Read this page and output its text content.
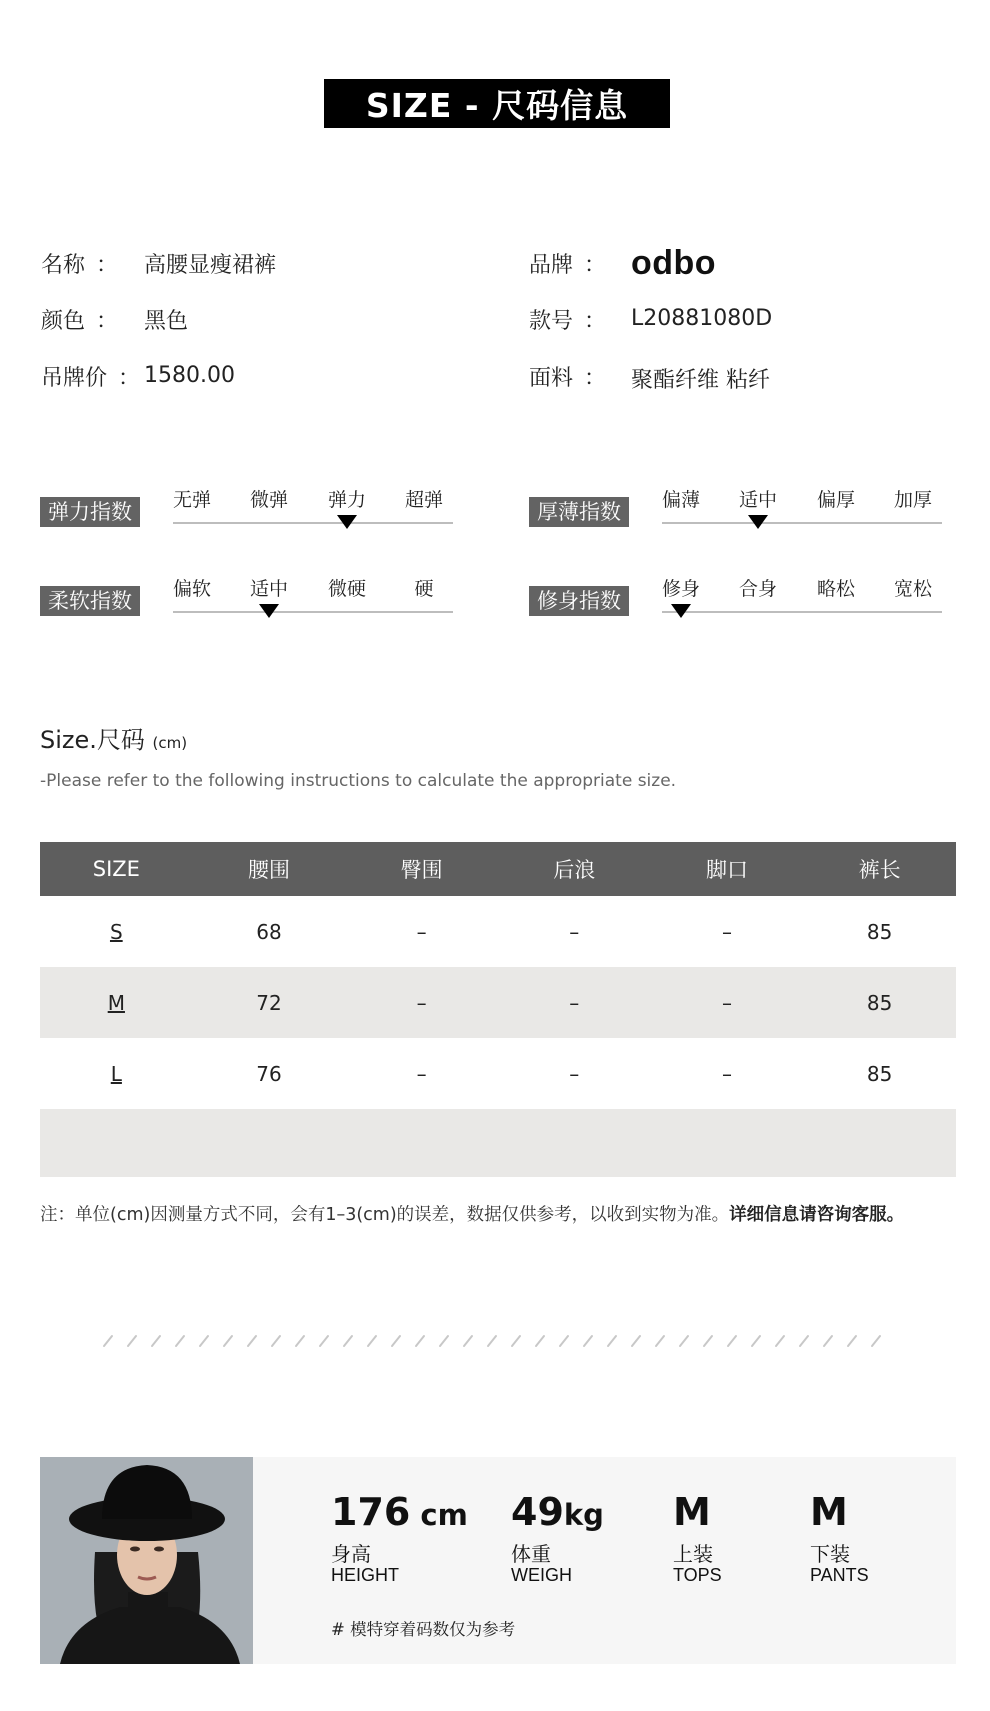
SIZE - 尺码信息
名称 ： 高腰显瘦裙裤
颜色 ： 黑色
吊牌价 ： 1580.00
品牌 ： odbo
款号 ： L20881080D
面料 ： 聚酯纤维 粘纤
弹力指数	无弹	微弹	弹力	超弹	厚薄指数	偏薄	适中	偏厚	加厚
柔软指数	偏软	适中	微硬	硬	修身指数	修身	合身	略松	宽松
Size.尺码 (cm)
-Please refer to the following instructions to calculate the appropriate size.
SIZE	腰围	臀围	后浪	脚口	裤长
S	68	–	–	–	85
M	72	–	–	–	85
L	76	–	–	–	85

注：单位(cm)因测量方式不同，会有1–3(cm)的误差，数据仅供参考，以收到实物为准。详细信息请咨询客服。
176 cm
身高
HEIGHT
49kg
体重
WEIGH
M
上装
TOPS
M
下装
PANTS
# 模特穿着码数仅为参考
